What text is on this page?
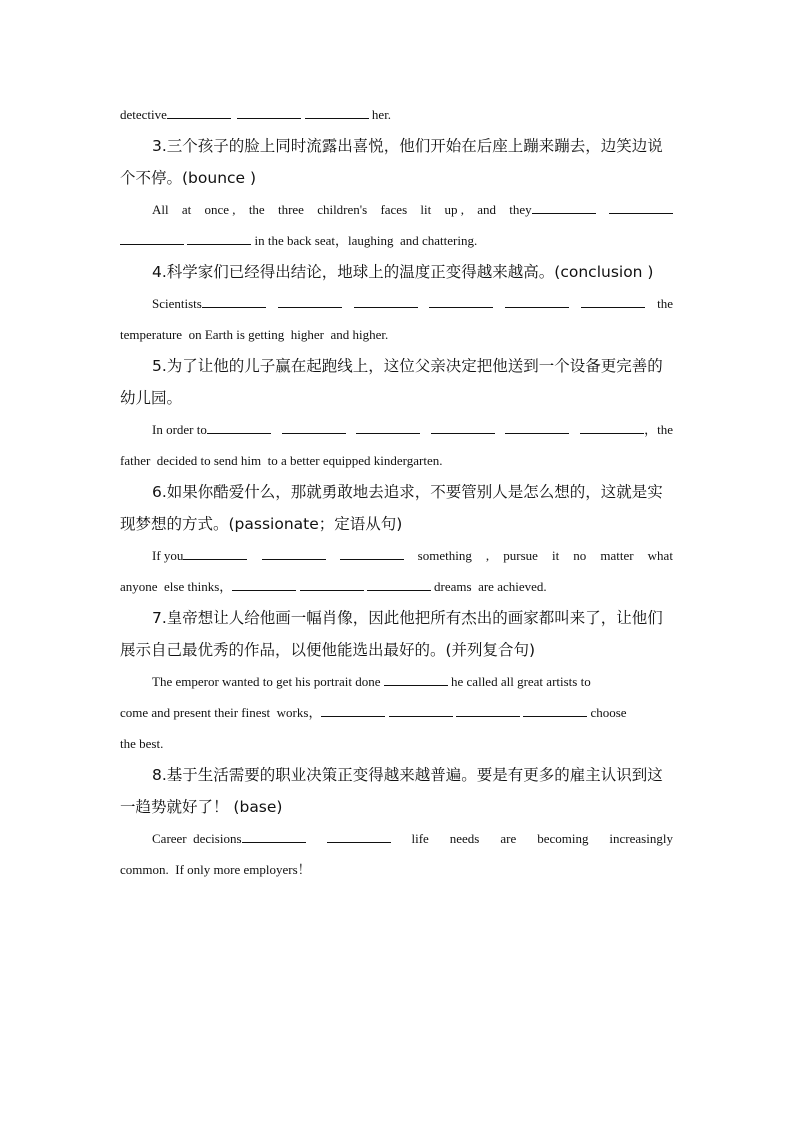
detective	her.
3.三个孩子的脸上同时流露出喜悦，他们开始在后座上蹦来蹦去，边笑边说
个不停。(bounce )
All at once , the three children's faces lit up , and they
in the back seat，laughing  and chattering.
4.科学家们已经得出结论，地球上的温度正变得越来越高。(conclusion )
Scientists	the
temperature  on Earth is getting  higher  and higher.
5.为了让他的儿子赢在起跑线上，这位父亲决定把他送到一个设备更完善的
幼儿园。
In order to	，the
father  decided to send him  to a better equipped kindergarten.
6.如果你酷爱什么，那就勇敢地去追求，不要管别人是怎么想的，这就是实
现梦想的方式。(passionate；定语从句)
If you	something , pursue it no matter what
anyone  else thinks，	dreams  are achieved.
7.皇帝想让人给他画一幅肖像，因此他把所有杰出的画家都叫来了，让他们
展示自己最优秀的作品，以便他能选出最好的。(并列复合句)
The emperor wanted to get his portrait done	he called all great artists to
come and present their finest  works，	choose
the best.
8.基于生活需要的职业决策正变得越来越普遍。要是有更多的雇主认识到这
一趋势就好了！ (base)
Career  decisions	life needs are becoming increasingly
common.  If only more employers！
